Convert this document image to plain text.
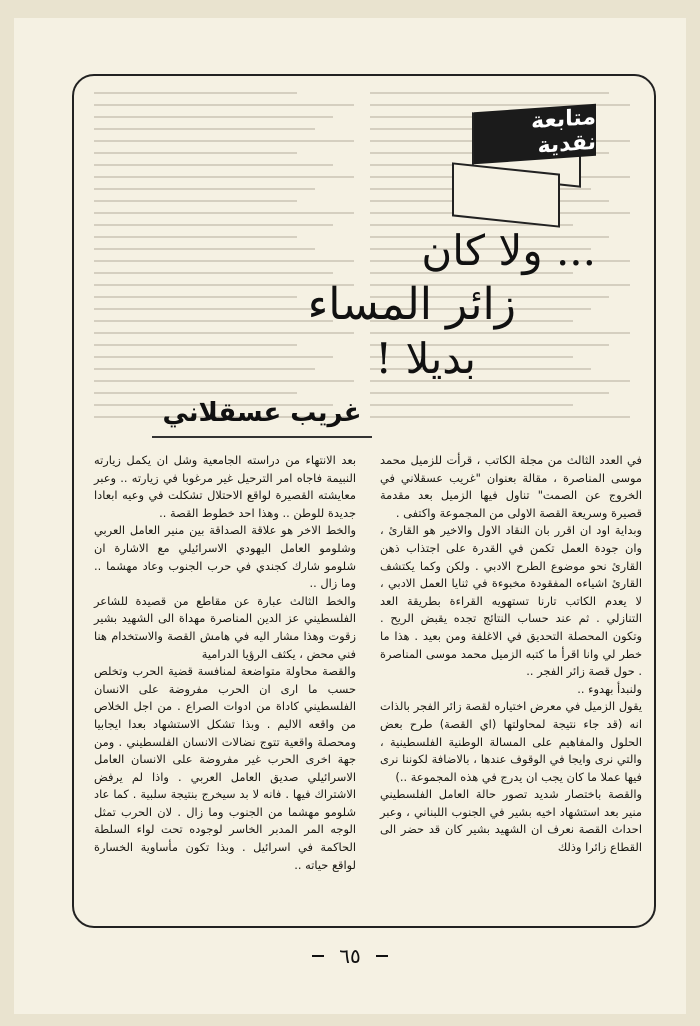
متابعة نقدية
... ولا كان
زائر المساء
بديلا !
غريب عسقلاني

في العدد الثالث من مجلة الكاتب ، قرأت للزميل محمد موسى المناصرة ، مقالة بعنوان "غريب عسقلاني في الخروج عن الصمت" تناول فيها الزميل بعد مقدمة قصيرة وسريعة القصة الاولى من المجموعة واكتفى .

وبداية اود ان اقرر بان النقاد الاول والاخير هو القارئ ، وان جودة العمل تكمن في القدرة على اجتذاب ذهن القارئ نحو موضوع الطرح الادبي . ولكن وكما يكتشف القارئ اشياءه المفقودة مخبوءة في ثنايا العمل الادبي ، لا يعدم الكاتب تارنا تستهويه القراءة بطريقة العد التنازلي . ثم عند حساب النتائج تجده يقبض الريح . وتكون المحصلة التحديق في الاغلفة ومن بعيد . هذا ما خطر لي وانا اقرأ ما كتبه الزميل محمد موسى المناصرة . حول قصة زائر الفجر ..

ولنبدأ بهدوء ..

يقول الزميل في معرض اختياره لقصة زائر الفجر بالذات انه (قد جاء نتيجة لمحاولتها (اي القصة) طرح بعض الحلول والمفاهيم على المسالة الوطنية الفلسطينية ، والتي نرى وايجا في الوقوف عندها ، بالاضافة لكوننا نرى فيها عملا ما كان يجب ان يدرج في هذه المجموعة ..)

والقصة باختصار شديد تصور حالة العامل الفلسطيني منير بعد استشهاد اخيه بشير في الجنوب اللبناني ، وعبر احداث القصة نعرف ان الشهيد بشير كان قد حضر الى القطاع زائرا وذلك

بعد الانتهاء من دراسته الجامعية وشل ان يكمل زيارته النبيمة فاجاه امر الترحيل غير مرغوبا في زيارته .. وعبر معايشته القصيرة لواقع الاحتلال تشكلت في وعيه ابعادا جديدة للوطن .. وهذا احد خطوط القصة ..

والخط الاخر هو علاقة الصداقة بين منير العامل العربي وشلومو العامل اليهودي الاسرائيلي مع الاشارة ان شلومو شارك كجندي في حرب الجنوب وعاد مهشما .. وما زال ..

والخط الثالث عبارة عن مقاطع من قصيدة للشاعر الفلسطيني عز الدين المناصرة مهداة الى الشهيد بشير زقوت وهذا مشار اليه في هامش القصة والاستخدام هنا فني محض ، يكثف الرؤيا الدرامية

والقصة محاولة متواضعة لمنافسة قضية الحرب وتخلص حسب ما ارى ان الحرب مفروضة على الانسان الفلسطيني كاداة من ادوات الصراع . من اجل الخلاص من واقعه الاليم . وبذا تشكل الاستشهاد بعدا ايجابيا ومحصلة واقعية تتوج نضالات الانسان الفلسطيني . ومن جهة اخرى الحرب غير مفروضة على الانسان العامل الاسرائيلي صديق العامل العربي . واذا لم يرفض الاشتراك فيها . فانه لا بد سيخرج بنتيجة سلبية . كما عاد شلومو مهشما من الجنوب وما زال . لان الحرب تمثل الوجه المر المدبر الخاسر لوجوده تحت لواء السلطة الحاكمة في اسرائيل . وبذا تكون مأساوية الخسارة لواقع حياته ..

٦٥
